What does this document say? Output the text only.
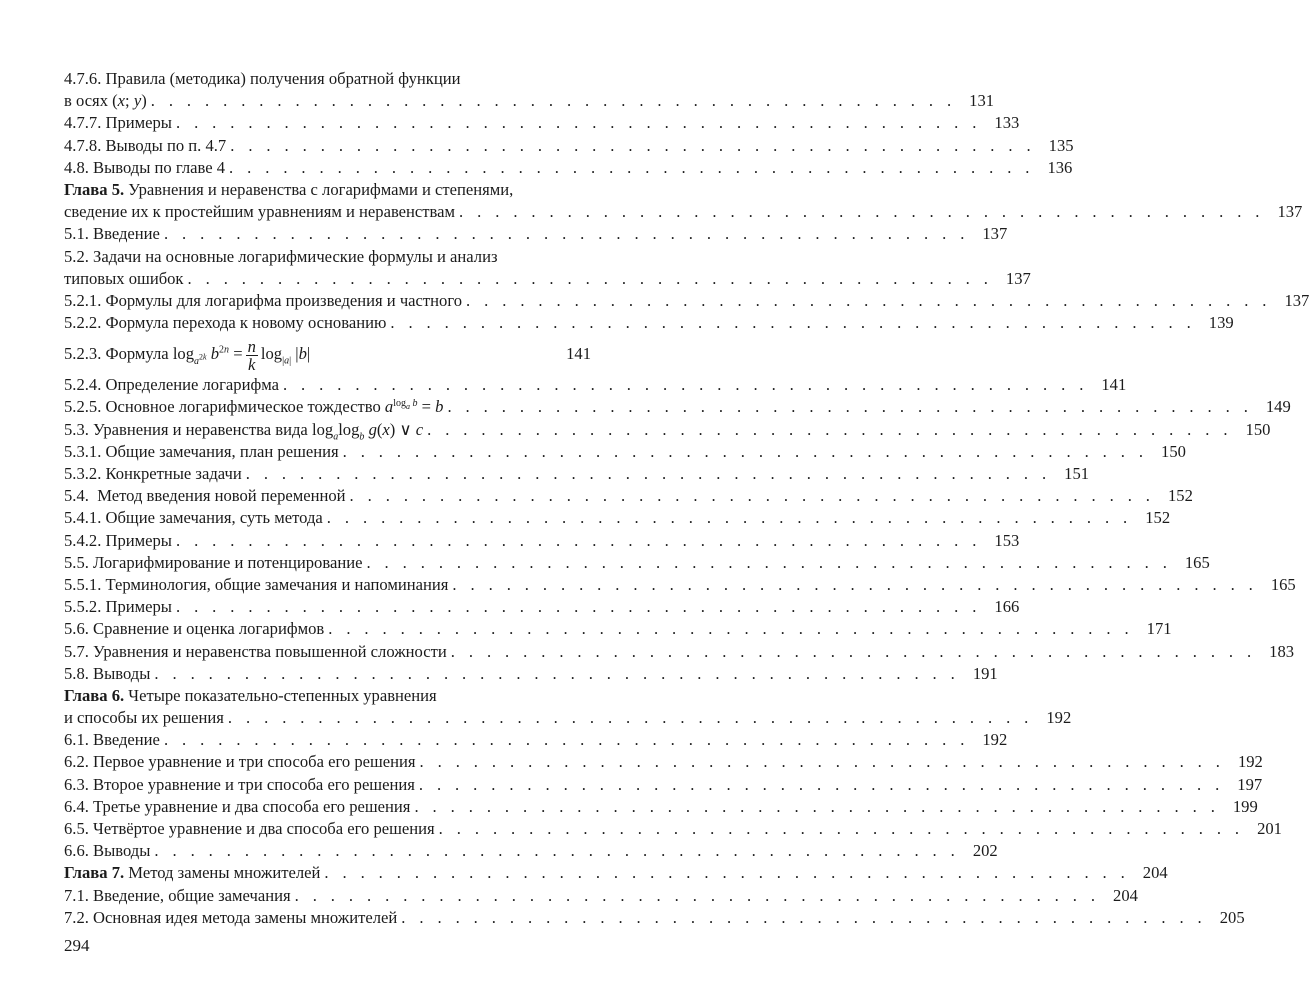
4.7.6. Правила (методика) получения обратной функции
в осях (x; y) . . . . . . . . . . . . . . . . . . . . . . . . . . . . . . . . . . . . . . . . . . . . . 131
4.7.7. Примеры . . . . . . . . . . . . . . . . . . . . . . . . . . . . . . . . . . . . . . . . . . . . . 133
4.7.8. Выводы по п. 4.7 . . . . . . . . . . . . . . . . . . . . . . . . . . . . . . . . . . . . . . . . . . . . . 135
4.8. Выводы по главе 4 . . . . . . . . . . . . . . . . . . . . . . . . . . . . . . . . . . . . . . . . . . . . . 136
Глава 5. Уравнения и неравенства с логарифмами и степенями,
сведение их к простейшим уравнениям и неравенствам . . . . . . . . . . . . . . . . . . . . . . . . . . . . . . . . . . . . . . . . . . . . . 137
5.1. Введение . . . . . . . . . . . . . . . . . . . . . . . . . . . . . . . . . . . . . . . . . . . . . 137
5.2. Задачи на основные логарифмические формулы и анализ
типовых ошибок . . . . . . . . . . . . . . . . . . . . . . . . . . . . . . . . . . . . . . . . . . . . . 137
5.2.1. Формулы для логарифма произведения и частного . . . . . . . . . . . . . . . . . . . . . . . . . . . . . . . . . . . . . . . . . . . . . 137
5.2.2. Формула перехода к новому основанию . . . . . . . . . . . . . . . . . . . . . . . . . . . . . . . . . . . . . . . . . . . . . 139
5.2.3. Формула $\log_{a^{2k}} b^{2n} = \frac{n}{k} \log_{|a|} |b|$	141
5.2.4. Определение логарифма . . . . . . . . . . . . . . . . . . . . . . . . . . . . . . . . . . . . . . . . . . . . . 141
5.2.5. Основное логарифмическое тождество $a^{log_a b} = b$ . . . . . . . . . . . . . . . . . . . . . . . . . . . . . . . . . . . . . . . . . . . . . 149
5.3. Уравнения и неравенства вида $\log_a\log_b$ g(x) ∨ c . . . . . . . . . . . . . . . . . . . . . . . . . . . . . . . . . . . . . . . . . . . . . 150
5.3.1. Общие замечания, план решения . . . . . . . . . . . . . . . . . . . . . . . . . . . . . . . . . . . . . . . . . . . . . 150
5.3.2. Конкретные задачи . . . . . . . . . . . . . . . . . . . . . . . . . . . . . . . . . . . . . . . . . . . . . 151
5.4.  Метод введения новой переменной . . . . . . . . . . . . . . . . . . . . . . . . . . . . . . . . . . . . . . . . . . . . . 152
5.4.1. Общие замечания, суть метода . . . . . . . . . . . . . . . . . . . . . . . . . . . . . . . . . . . . . . . . . . . . . 152
5.4.2. Примеры . . . . . . . . . . . . . . . . . . . . . . . . . . . . . . . . . . . . . . . . . . . . . 153
5.5. Логарифмирование и потенцирование . . . . . . . . . . . . . . . . . . . . . . . . . . . . . . . . . . . . . . . . . . . . . 165
5.5.1. Терминология, общие замечания и напоминания . . . . . . . . . . . . . . . . . . . . . . . . . . . . . . . . . . . . . . . . . . . . . 165
5.5.2. Примеры . . . . . . . . . . . . . . . . . . . . . . . . . . . . . . . . . . . . . . . . . . . . . 166
5.6. Сравнение и оценка логарифмов . . . . . . . . . . . . . . . . . . . . . . . . . . . . . . . . . . . . . . . . . . . . . 171
5.7. Уравнения и неравенства повышенной сложности . . . . . . . . . . . . . . . . . . . . . . . . . . . . . . . . . . . . . . . . . . . . . 183
5.8. Выводы . . . . . . . . . . . . . . . . . . . . . . . . . . . . . . . . . . . . . . . . . . . . . 191
Глава 6. Четыре показательно-степенных уравнения
и способы их решения . . . . . . . . . . . . . . . . . . . . . . . . . . . . . . . . . . . . . . . . . . . . . 192
6.1. Введение . . . . . . . . . . . . . . . . . . . . . . . . . . . . . . . . . . . . . . . . . . . . . 192
6.2. Первое уравнение и три способа его решения . . . . . . . . . . . . . . . . . . . . . . . . . . . . . . . . . . . . . . . . . . . . . 192
6.3. Второе уравнение и три способа его решения . . . . . . . . . . . . . . . . . . . . . . . . . . . . . . . . . . . . . . . . . . . . . 197
6.4. Третье уравнение и два способа его решения . . . . . . . . . . . . . . . . . . . . . . . . . . . . . . . . . . . . . . . . . . . . . 199
6.5. Четвёртое уравнение и два способа его решения . . . . . . . . . . . . . . . . . . . . . . . . . . . . . . . . . . . . . . . . . . . . . 201
6.6. Выводы . . . . . . . . . . . . . . . . . . . . . . . . . . . . . . . . . . . . . . . . . . . . . 202
Глава 7. Метод замены множителей . . . . . . . . . . . . . . . . . . . . . . . . . . . . . . . . . . . . . . . . . . . . . 204
7.1. Введение, общие замечания . . . . . . . . . . . . . . . . . . . . . . . . . . . . . . . . . . . . . . . . . . . . . 204
7.2. Основная идея метода замены множителей . . . . . . . . . . . . . . . . . . . . . . . . . . . . . . . . . . . . . . . . . . . . . 205
294
